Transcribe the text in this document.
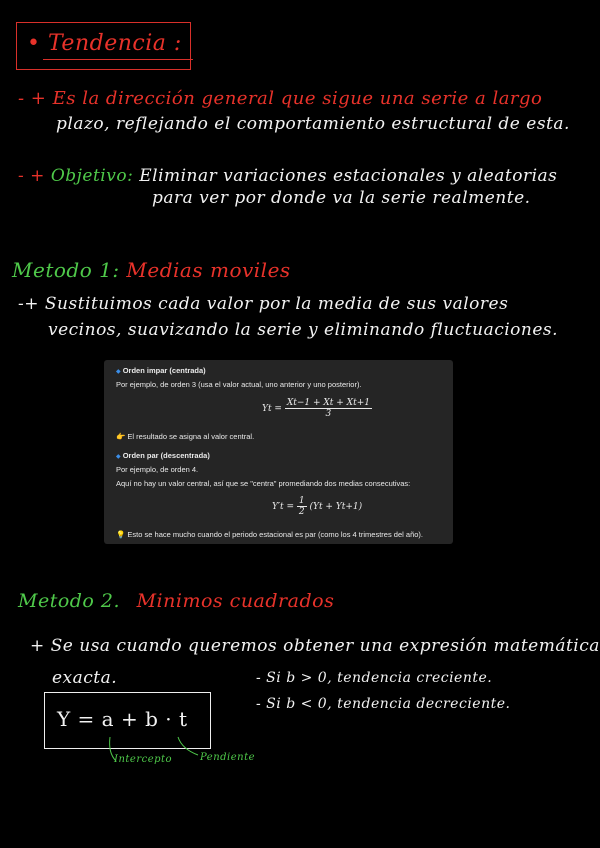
• Tendencia :
- + Es la dirección general que sigue una serie a largo
plazo, reflejando el comportamiento estructural de esta.
- + Objetivo: Eliminar variaciones estacionales y aleatorias
para ver por donde va la serie realmente.
Metodo 1: Medias moviles
-+ Sustituimos cada valor por la media de sus valores
vecinos, suavizando la serie y eliminando fluctuaciones.
◆ Orden impar (centrada)
Por ejemplo, de orden 3 (usa el valor actual, uno anterior y uno posterior).
$Yt = \frac{Xt-1 + Xt + Xt+1}{3}$
👉 El resultado se asigna al valor central.
◆ Orden par (descentrada)
Por ejemplo, de orden 4.
Aquí no hay un valor central, así que se "centra" promediando dos medias consecutivas:
$Y't = \frac{1}{2} (Yt + Yt+1)$
💡 Esto se hace mucho cuando el periodo estacional es par (como los 4 trimestres del año).
Metodo 2. Minimos cuadrados
+ Se usa cuando queremos obtener una expresión matemática
exacta.	- Si b > 0, tendencia creciente.
- Si b < 0, tendencia decreciente.
Y = a + b · t
Intercepto	Pendiente
